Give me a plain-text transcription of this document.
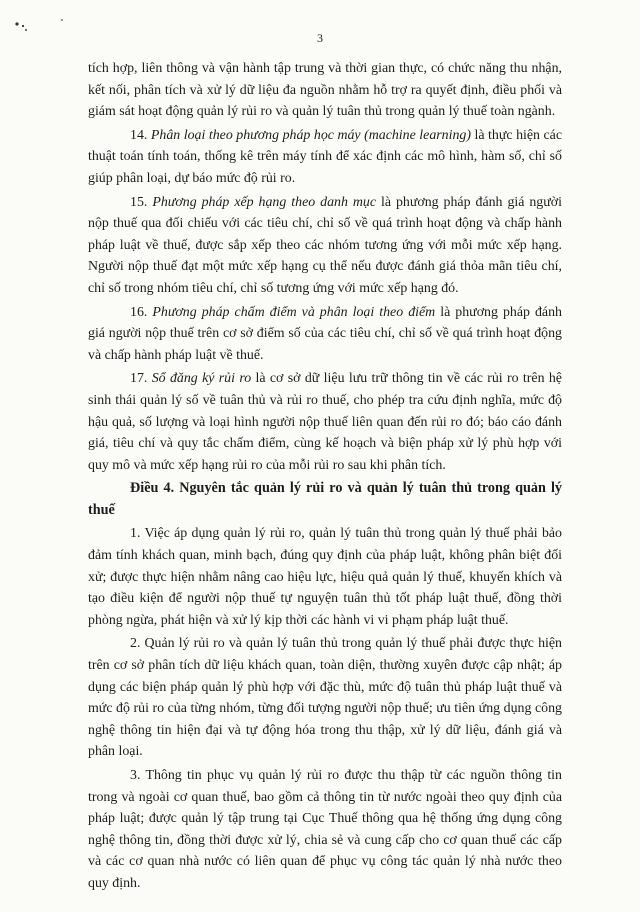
3

tích hợp, liên thông và vận hành tập trung và thời gian thực, có chức năng thu nhận, kết nối, phân tích và xử lý dữ liệu đa nguồn nhằm hỗ trợ ra quyết định, điều phối và giám sát hoạt động quản lý rủi ro và quản lý tuân thủ trong quản lý thuế toàn ngành.

14. Phân loại theo phương pháp học máy (machine learning) là thực hiện các thuật toán tính toán, thống kê trên máy tính để xác định các mô hình, hàm số, chỉ số giúp phân loại, dự báo mức độ rủi ro.

15. Phương pháp xếp hạng theo danh mục là phương pháp đánh giá người nộp thuế qua đối chiếu với các tiêu chí, chỉ số về quá trình hoạt động và chấp hành pháp luật về thuế, được sắp xếp theo các nhóm tương ứng với mỗi mức xếp hạng. Người nộp thuế đạt một mức xếp hạng cụ thể nếu được đánh giá thỏa mãn tiêu chí, chỉ số trong nhóm tiêu chí, chỉ số tương ứng với mức xếp hạng đó.

16. Phương pháp chấm điểm và phân loại theo điểm là phương pháp đánh giá người nộp thuế trên cơ sở điểm số của các tiêu chí, chỉ số về quá trình hoạt động và chấp hành pháp luật về thuế.

17. Sổ đăng ký rủi ro là cơ sở dữ liệu lưu trữ thông tin về các rủi ro trên hệ sinh thái quản lý số về tuân thủ và rủi ro thuế, cho phép tra cứu định nghĩa, mức độ hậu quả, số lượng và loại hình người nộp thuế liên quan đến rủi ro đó; báo cáo đánh giá, tiêu chí và quy tắc chấm điểm, cùng kế hoạch và biện pháp xử lý phù hợp với quy mô và mức xếp hạng rủi ro của mỗi rủi ro sau khi phân tích.

Điều 4. Nguyên tắc quản lý rủi ro và quản lý tuân thủ trong quản lý thuế

1. Việc áp dụng quản lý rủi ro, quản lý tuân thủ trong quản lý thuế phải bảo đảm tính khách quan, minh bạch, đúng quy định của pháp luật, không phân biệt đối xử; được thực hiện nhằm nâng cao hiệu lực, hiệu quả quản lý thuế, khuyến khích và tạo điều kiện để người nộp thuế tự nguyện tuân thủ tốt pháp luật thuế, đồng thời phòng ngừa, phát hiện và xử lý kịp thời các hành vi vi phạm pháp luật thuế.

2. Quản lý rủi ro và quản lý tuân thủ trong quản lý thuế phải được thực hiện trên cơ sở phân tích dữ liệu khách quan, toàn diện, thường xuyên được cập nhật; áp dụng các biện pháp quản lý phù hợp với đặc thù, mức độ tuân thủ pháp luật thuế và mức độ rủi ro của từng nhóm, từng đối tượng người nộp thuế; ưu tiên ứng dụng công nghệ thông tin hiện đại và tự động hóa trong thu thập, xử lý dữ liệu, đánh giá và phân loại.

3. Thông tin phục vụ quản lý rủi ro được thu thập từ các nguồn thông tin trong và ngoài cơ quan thuế, bao gồm cả thông tin từ nước ngoài theo quy định của pháp luật; được quản lý tập trung tại Cục Thuế thông qua hệ thống ứng dụng công nghệ thông tin, đồng thời được xử lý, chia sẻ và cung cấp cho cơ quan thuế các cấp và các cơ quan nhà nước có liên quan để phục vụ công tác quản lý nhà nước theo quy định.
